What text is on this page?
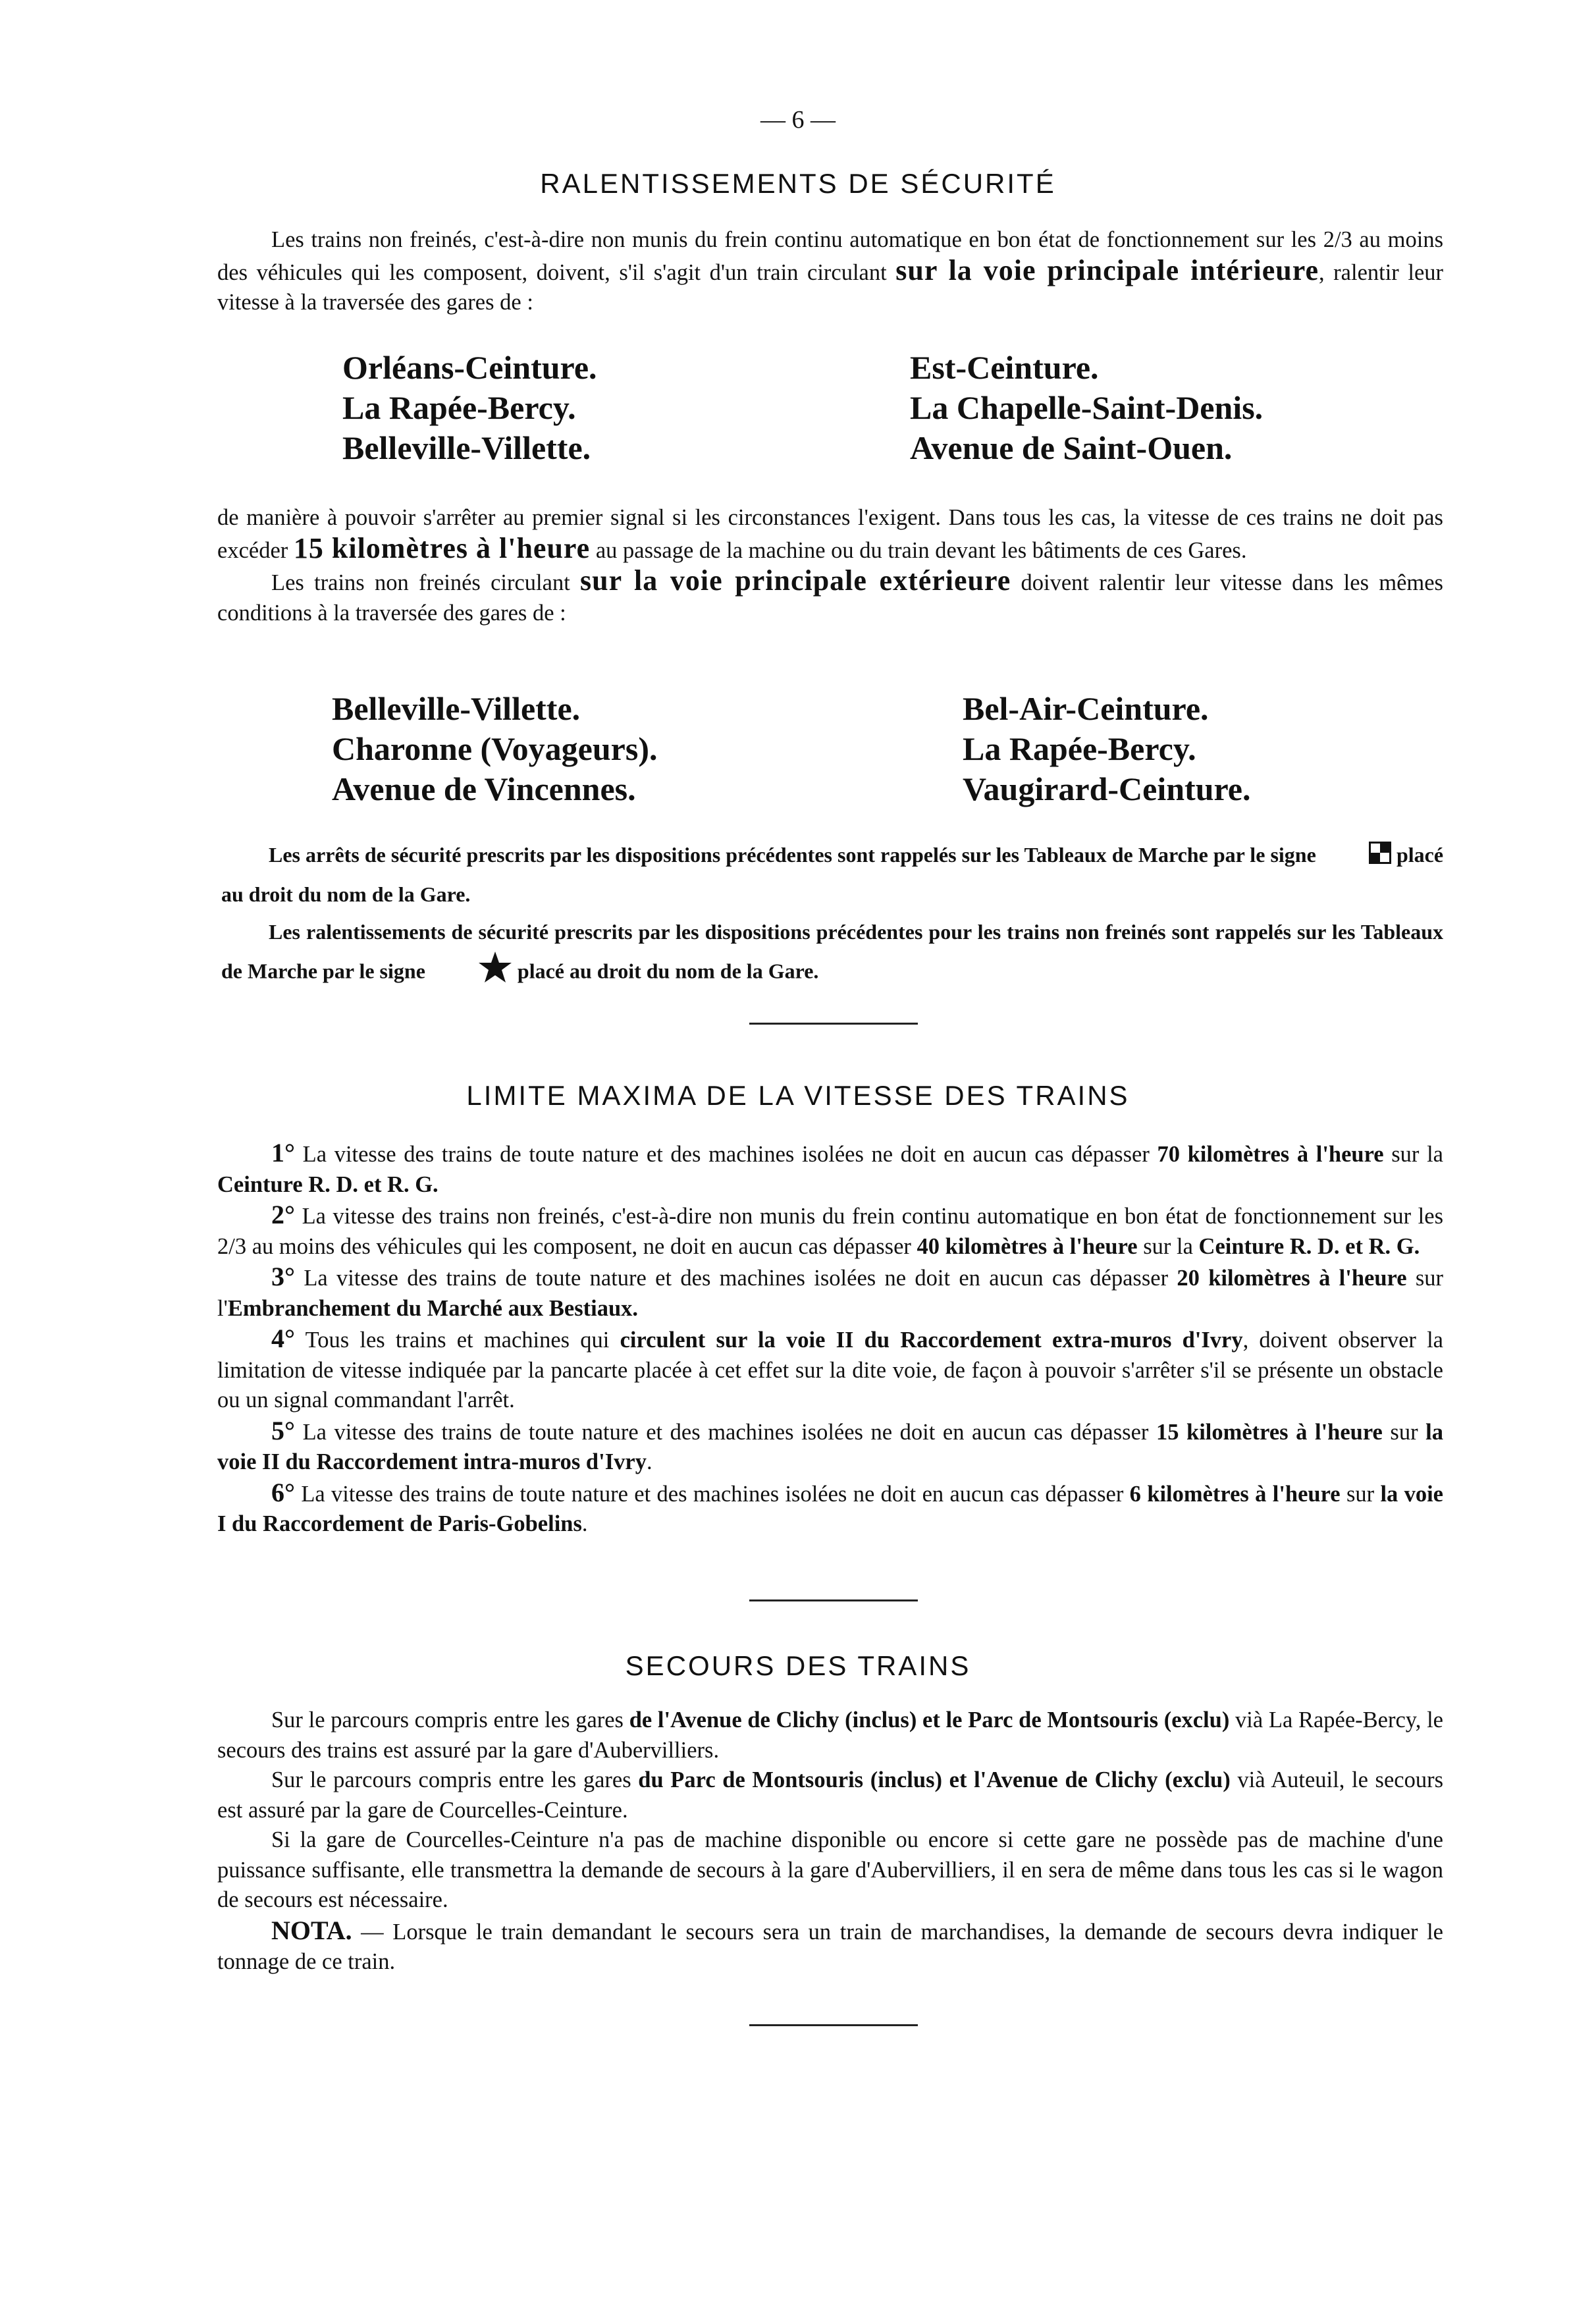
— 6 —
RALENTISSEMENTS DE SÉCURITÉ

Les trains non freinés, c'est-à-dire non munis du frein continu automatique en bon état de fonctionnement sur les 2/3 au moins des véhicules qui les composent, doivent, s'il s'agit d'un train circulant sur la voie principale intérieure, ralentir leur vitesse à la traversée des gares de :

Orléans-Ceinture.
La Rapée-Bercy.
Belleville-Villette.
Est-Ceinture.
La Chapelle-Saint-Denis.
Avenue de Saint-Ouen.

de manière à pouvoir s'arrêter au premier signal si les circonstances l'exigent. Dans tous les cas, la vitesse de ces trains ne doit pas excéder 15 kilomètres à l'heure au passage de la machine ou du train devant les bâtiments de ces Gares.

Les trains non freinés circulant sur la voie principale extérieure doivent ralentir leur vitesse dans les mêmes conditions à la traversée des gares de :

Belleville-Villette.
Charonne (Voyageurs).
Avenue de Vincennes.
Bel-Air-Ceinture.
La Rapée-Bercy.
Vaugirard-Ceinture.

Les arrêts de sécurité prescrits par les dispositions précédentes sont rappelés sur les Tableaux de Marche par le signe	placé au droit du nom de la Gare.

Les ralentissements de sécurité prescrits par les dispositions précédentes pour les trains non freinés sont rappelés sur les Tableaux de Marche par le signe	placé au droit du nom de la Gare.

LIMITE MAXIMA DE LA VITESSE DES TRAINS

1° La vitesse des trains de toute nature et des machines isolées ne doit en aucun cas dépasser 70 kilomètres à l'heure sur la Ceinture R. D. et R. G.

2° La vitesse des trains non freinés, c'est-à-dire non munis du frein continu automatique en bon état de fonctionnement sur les 2/3 au moins des véhicules qui les composent, ne doit en aucun cas dépasser 40 kilomètres à l'heure sur la Ceinture R. D. et R. G.

3° La vitesse des trains de toute nature et des machines isolées ne doit en aucun cas dépasser 20 kilomètres à l'heure sur l'Embranchement du Marché aux Bestiaux.

4° Tous les trains et machines qui circulent sur la voie II du Raccordement extra-muros d'Ivry, doivent observer la limitation de vitesse indiquée par la pancarte placée à cet effet sur la dite voie, de façon à pouvoir s'arrêter s'il se présente un obstacle ou un signal commandant l'arrêt.

5° La vitesse des trains de toute nature et des machines isolées ne doit en aucun cas dépasser 15 kilomètres à l'heure sur la voie II du Raccordement intra-muros d'Ivry.

6° La vitesse des trains de toute nature et des machines isolées ne doit en aucun cas dépasser 6 kilomètres à l'heure sur la voie I du Raccordement de Paris-Gobelins.

SECOURS DES TRAINS

Sur le parcours compris entre les gares de l'Avenue de Clichy (inclus) et le Parc de Montsouris (exclu) vià La Rapée-Bercy, le secours des trains est assuré par la gare d'Aubervilliers.

Sur le parcours compris entre les gares du Parc de Montsouris (inclus) et l'Avenue de Clichy (exclu) vià Auteuil, le secours est assuré par la gare de Courcelles-Ceinture.

Si la gare de Courcelles-Ceinture n'a pas de machine disponible ou encore si cette gare ne possède pas de machine d'une puissance suffisante, elle transmettra la demande de secours à la gare d'Aubervilliers, il en sera de même dans tous les cas si le wagon de secours est nécessaire.

NOTA. — Lorsque le train demandant le secours sera un train de marchandises, la demande de secours devra indiquer le tonnage de ce train.
